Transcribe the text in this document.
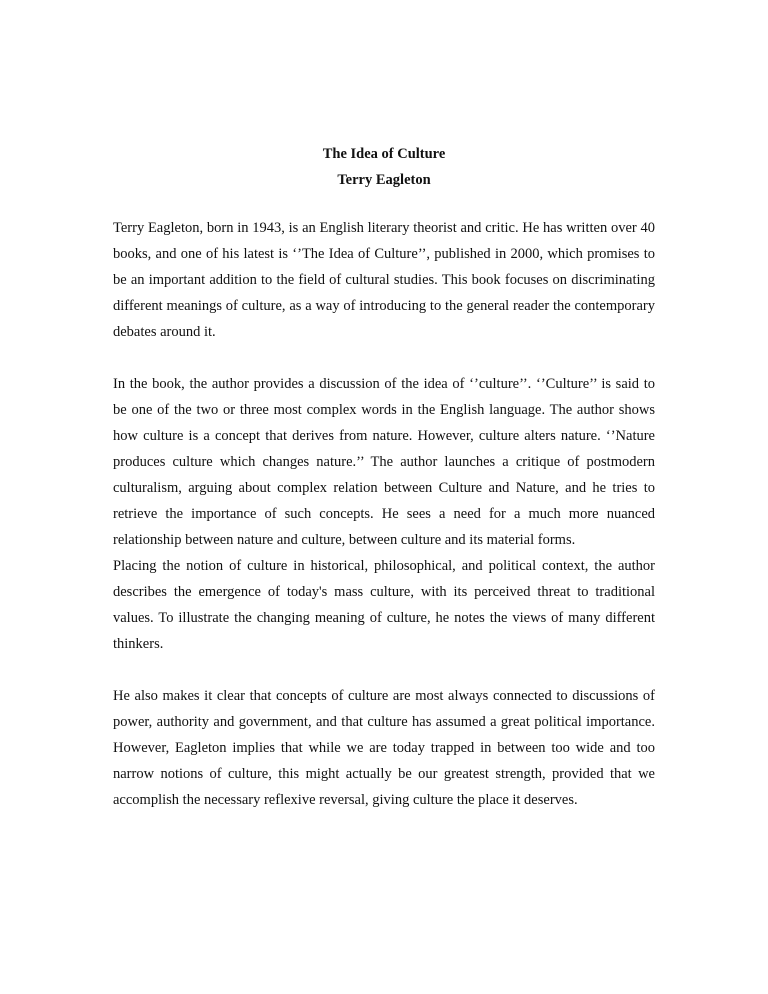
The Idea of Culture
Terry Eagleton

Terry Eagleton, born in 1943, is an English literary theorist and critic. He has written over 40 books, and one of his latest is ‘’The Idea of Culture’’, published in 2000, which promises to be an important addition to the field of cultural studies. This book focuses on discriminating different meanings of culture, as a way of introducing to the general reader the contemporary debates around it.

In the book, the author provides a discussion of the idea of ‘’culture’’. ‘’Culture’’ is said to be one of the two or three most complex words in the English language. The author shows how culture is a concept that derives from nature. However, culture alters nature. ‘’Nature produces culture which changes nature.’’ The author launches a critique of postmodern culturalism, arguing about complex relation between Culture and Nature, and he tries to retrieve the importance of such concepts. He sees a need for a much more nuanced relationship between nature and culture, between culture and its material forms.

Placing the notion of culture in historical, philosophical, and political context, the author describes the emergence of today's mass culture, with its perceived threat to traditional values. To illustrate the changing meaning of culture, he notes the views of many different thinkers.

He also makes it clear that concepts of culture are most always connected to discussions of power, authority and government, and that culture has assumed a great political importance. However, Eagleton implies that while we are today trapped in between too wide and too narrow notions of culture, this might actually be our greatest strength, provided that we accomplish the necessary reflexive reversal, giving culture the place it deserves.
